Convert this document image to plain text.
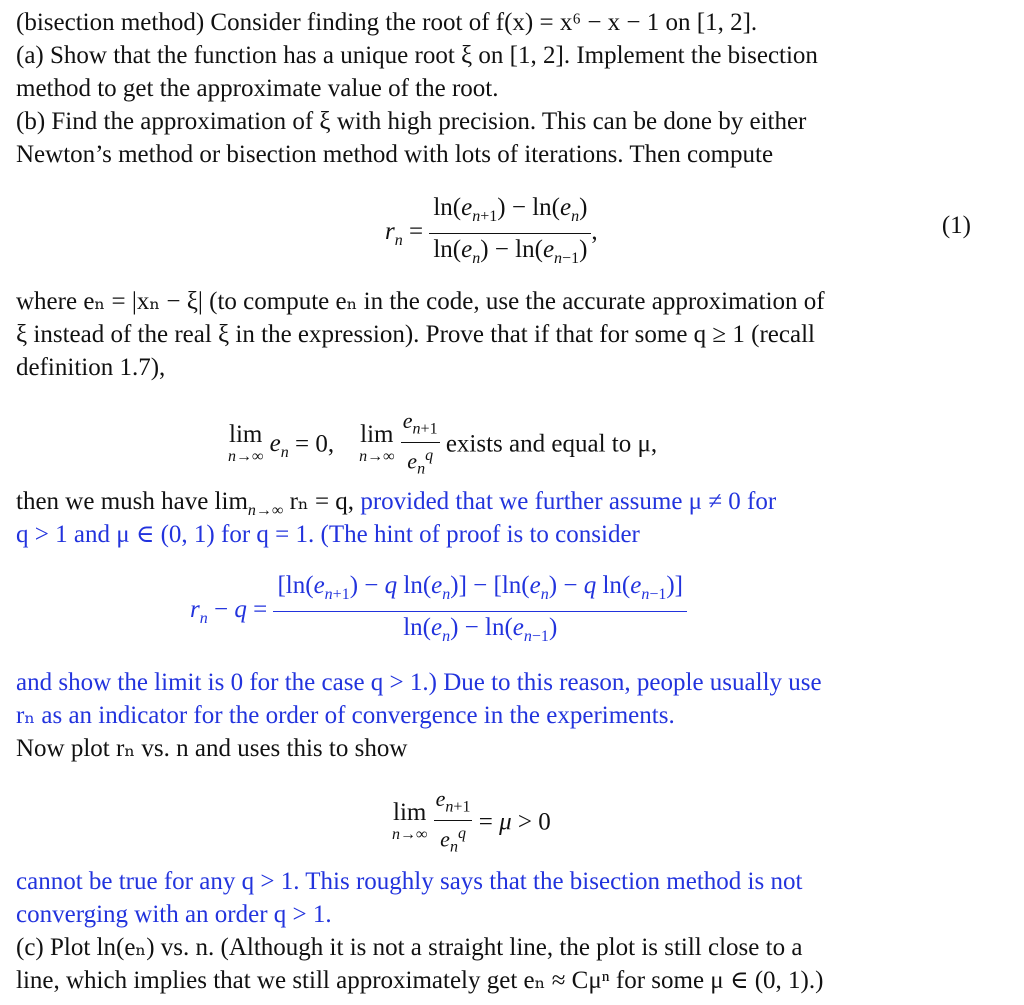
(bisection method) Consider finding the root of f(x) = x⁶ − x − 1 on [1, 2].
(a) Show that the function has a unique root ξ on [1, 2]. Implement the bisection
method to get the approximate value of the root.
(b) Find the approximation of ξ with high precision. This can be done by either
Newton’s method or bisection method with lots of iterations. Then compute
$r_n = \frac{\ln(e_{n+1}) - \ln(e_n)}{\ln(e_n) - \ln(e_{n-1})}$ ,	(1)
where eₙ = |xₙ − ξ| (to compute eₙ in the code, use the accurate approximation of
ξ instead of the real ξ in the expression). Prove that if that for some q ≥ 1 (recall
definition 1.7),
lim
n→∞ $e_n = 0$, lim
n→∞
$\frac{e_{n+1}}{e_n^q}$ exists and equal to μ,
then we mush have $\lim_{n\to\infty} r_n = q$, provided that we further assume μ ≠ 0 for
q > 1 and μ ∈ (0, 1) for q = 1. (The hint of proof is to consider
$r_n - q = \frac{[\ln(e_{n+1}) - q \ln(e_n)] - [\ln(e_n) - q \ln(e_{n-1})]}{\ln(e_n) - \ln(e_{n-1})}$
and show the limit is 0 for the case q > 1.) Due to this reason, people usually use
rₙ as an indicator for the order of convergence in the experiments.
Now plot rₙ vs. n and uses this to show
lim
n→∞
$\frac{e_{n+1}}{e_n^q} = \mu > 0$
cannot be true for any q > 1. This roughly says that the bisection method is not
converging with an order q > 1.
(c) Plot ln(eₙ) vs. n. (Although it is not a straight line, the plot is still close to a
line, which implies that we still approximately get eₙ ≈ Cμⁿ for some μ ∈ (0, 1).)
